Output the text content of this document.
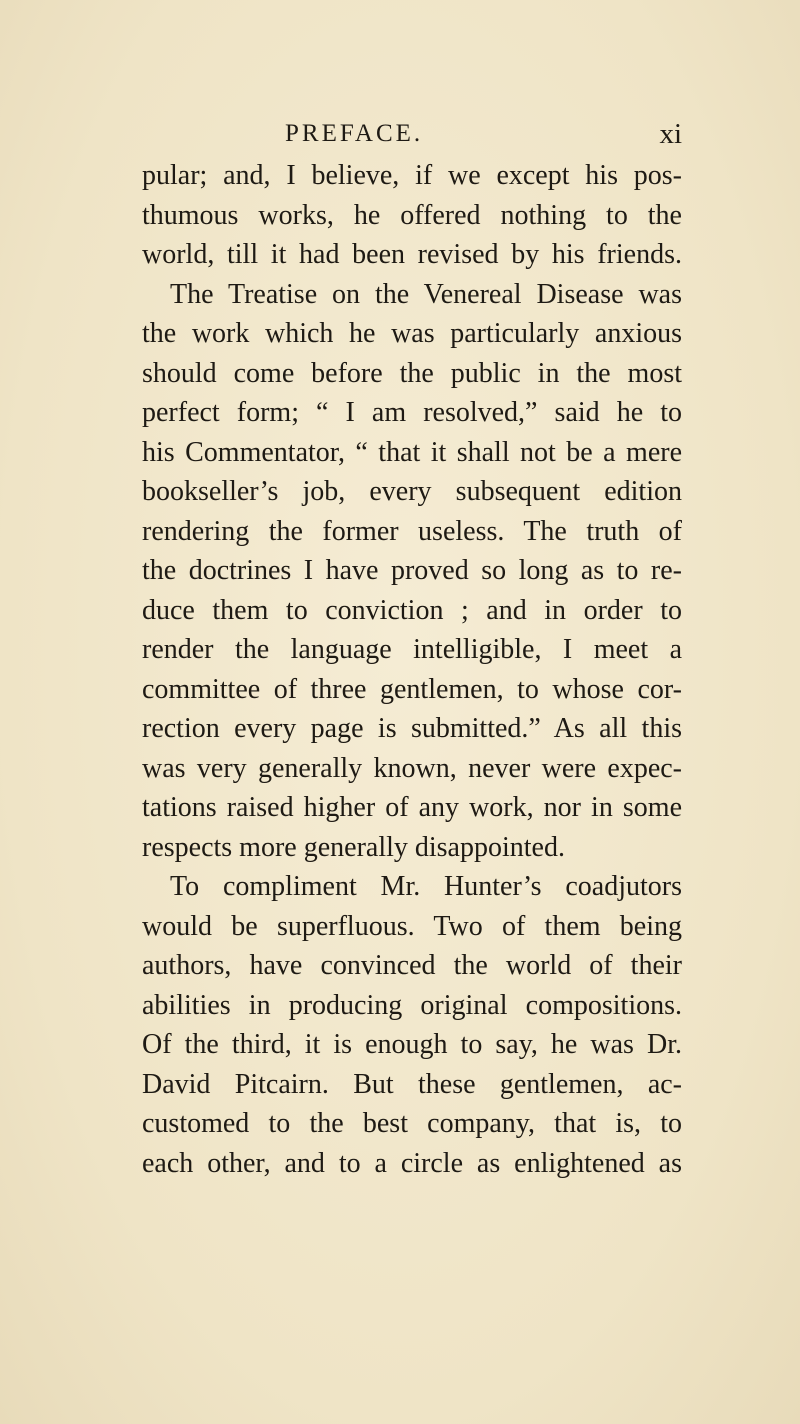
PREFACE.	xi
pular; and, I believe, if we except his pos-
thumous works, he offered nothing to the
world, till it had been revised by his friends.
The Treatise on the Venereal Disease was
the work which he was particularly anxious
should come before the public in the most
perfect form; “ I am resolved,” said he to
his Commentator, “ that it shall not be a mere
bookseller’s job, every subsequent edition
rendering the former useless. The truth of
the doctrines I have proved so long as to re-
duce them to conviction ; and in order to
render the language intelligible, I meet a
committee of three gentlemen, to whose cor-
rection every page is submitted.” As all this
was very generally known, never were expec-
tations raised higher of any work, nor in some
respects more generally disappointed.
To compliment Mr. Hunter’s coadjutors
would be superfluous. Two of them being
authors, have convinced the world of their
abilities in producing original compositions.
Of the third, it is enough to say, he was Dr.
David Pitcairn. But these gentlemen, ac-
customed to the best company, that is, to
each other, and to a circle as enlightened as
